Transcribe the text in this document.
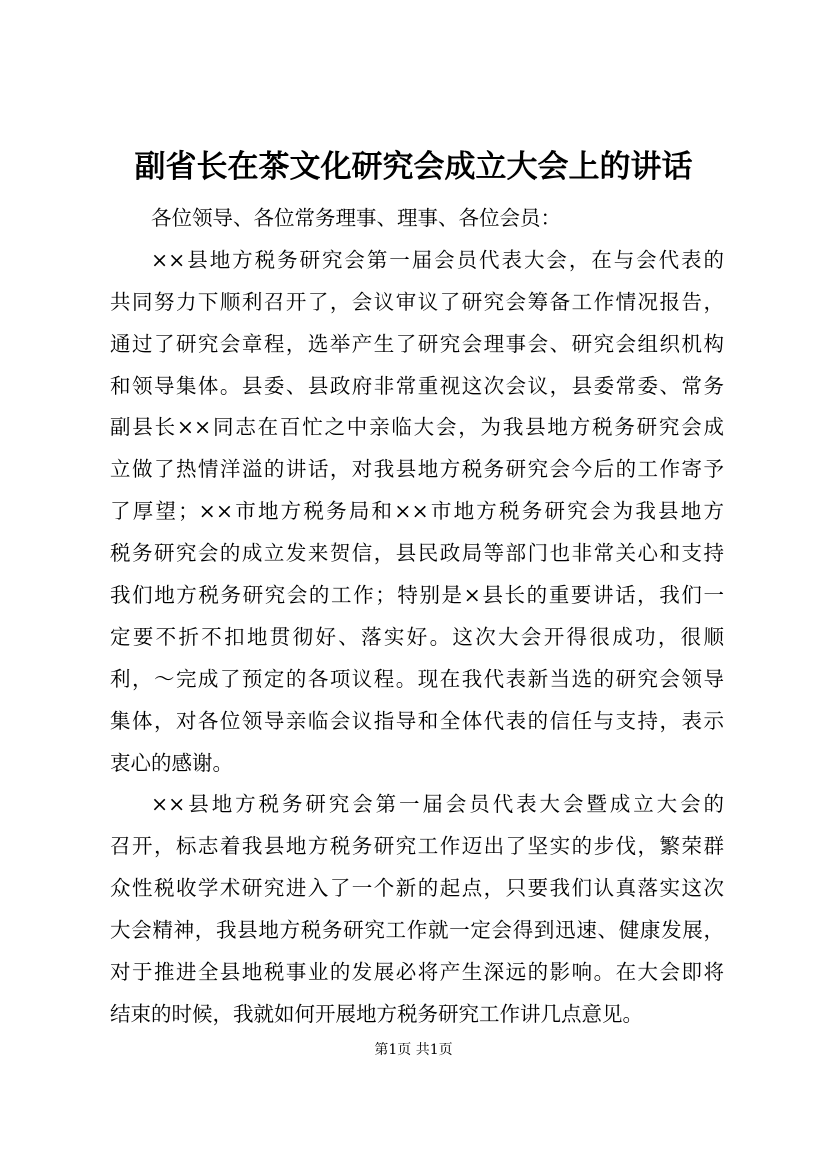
副省长在茶文化研究会成立大会上的讲话
各位领导、各位常务理事、理事、各位会员：
××县地方税务研究会第一届会员代表大会，在与会代表的
共同努力下顺利召开了，会议审议了研究会筹备工作情况报告，
通过了研究会章程，选举产生了研究会理事会、研究会组织机构
和领导集体。县委、县政府非常重视这次会议，县委常委、常务
副县长××同志在百忙之中亲临大会，为我县地方税务研究会成
立做了热情洋溢的讲话，对我县地方税务研究会今后的工作寄予
了厚望；××市地方税务局和××市地方税务研究会为我县地方
税务研究会的成立发来贺信，县民政局等部门也非常关心和支持
我们地方税务研究会的工作；特别是×县长的重要讲话，我们一
定要不折不扣地贯彻好、落实好。这次大会开得很成功，很顺
利，～完成了预定的各项议程。现在我代表新当选的研究会领导
集体，对各位领导亲临会议指导和全体代表的信任与支持，表示
衷心的感谢。
××县地方税务研究会第一届会员代表大会暨成立大会的
召开，标志着我县地方税务研究工作迈出了坚实的步伐，繁荣群
众性税收学术研究进入了一个新的起点，只要我们认真落实这次
大会精神，我县地方税务研究工作就一定会得到迅速、健康发展，
对于推进全县地税事业的发展必将产生深远的影响。在大会即将
结束的时候，我就如何开展地方税务研究工作讲几点意见。
第1页 共1页
